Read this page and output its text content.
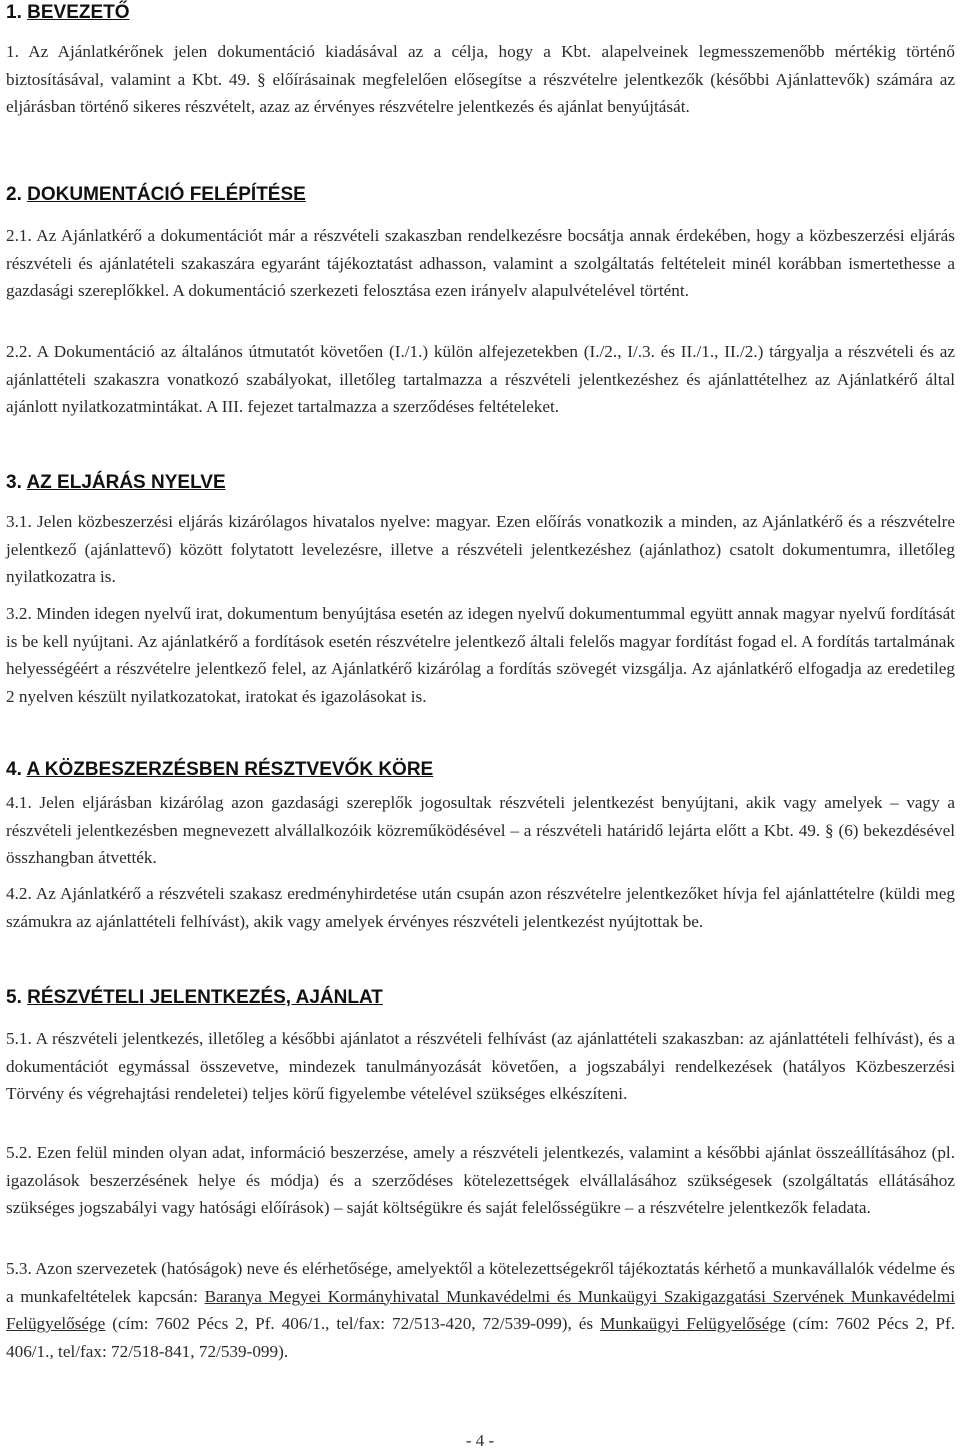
1. BEVEZETŐ

1. Az Ajánlatkérőnek jelen dokumentáció kiadásával az a célja, hogy a Kbt. alapelveinek legmesszemenőbb mértékig történő biztosításával, valamint a Kbt. 49. § előírásainak megfelelően elősegítse a részvételre jelentkezők (későbbi Ajánlattevők) számára az eljárásban történő sikeres részvételt, azaz az érvényes részvételre jelentkezés és ajánlat benyújtását.

2. DOKUMENTÁCIÓ FELÉPÍTÉSE

2.1. Az Ajánlatkérő a dokumentációt már a részvételi szakaszban rendelkezésre bocsátja annak érdekében, hogy a közbeszerzési eljárás részvételi és ajánlatételi szakaszára egyaránt tájékoztatást adhasson, valamint a szolgáltatás feltételeit minél korábban ismertethesse a gazdasági szereplőkkel. A dokumentáció szerkezeti felosztása ezen irányelv alapulvételével történt.

2.2. A Dokumentáció az általános útmutatót követően (I./1.) külön alfejezetekben (I./2., I/.3. és II./1., II./2.) tárgyalja a részvételi és az ajánlattételi szakaszra vonatkozó szabályokat, illetőleg tartalmazza a részvételi jelentkezéshez és ajánlattételhez az Ajánlatkérő által ajánlott nyilatkozatmintákat. A III. fejezet tartalmazza a szerződéses feltételeket.

3. AZ ELJÁRÁS NYELVE

3.1. Jelen közbeszerzési eljárás kizárólagos hivatalos nyelve: magyar. Ezen előírás vonatkozik a minden, az Ajánlatkérő és a részvételre jelentkező (ajánlattevő) között folytatott levelezésre, illetve a részvételi jelentkezéshez (ajánlathoz) csatolt dokumentumra, illetőleg nyilatkozatra is.

3.2. Minden idegen nyelvű irat, dokumentum benyújtása esetén az idegen nyelvű dokumentummal együtt annak magyar nyelvű fordítását is be kell nyújtani. Az ajánlatkérő a fordítások esetén részvételre jelentkező általi felelős magyar fordítást fogad el. A fordítás tartalmának helyességéért a részvételre jelentkező felel, az Ajánlatkérő kizárólag a fordítás szövegét vizsgálja. Az ajánlatkérő elfogadja az eredetileg 2 nyelven készült nyilatkozatokat, iratokat és igazolásokat is.

4. A KÖZBESZERZÉSBEN RÉSZTVEVŐK KÖRE

4.1. Jelen eljárásban kizárólag azon gazdasági szereplők jogosultak részvételi jelentkezést benyújtani, akik vagy amelyek – vagy a részvételi jelentkezésben megnevezett alvállalkozóik közreműködésével – a részvételi határidő lejárta előtt a Kbt. 49. § (6) bekezdésével összhangban átvették.

4.2. Az Ajánlatkérő a részvételi szakasz eredményhirdetése után csupán azon részvételre jelentkezőket hívja fel ajánlattételre (küldi meg számukra az ajánlattételi felhívást), akik vagy amelyek érvényes részvételi jelentkezést nyújtottak be.

5. RÉSZVÉTELI JELENTKEZÉS, AJÁNLAT

5.1. A részvételi jelentkezés, illetőleg a későbbi ajánlatot a részvételi felhívást (az ajánlattételi szakaszban: az ajánlattételi felhívást), és a dokumentációt egymással összevetve, mindezek tanulmányozását követően, a jogszabályi rendelkezések (hatályos Közbeszerzési Törvény és végrehajtási rendeletei) teljes körű figyelembe vételével szükséges elkészíteni.

5.2. Ezen felül minden olyan adat, információ beszerzése, amely a részvételi jelentkezés, valamint a későbbi ajánlat összeállításához (pl. igazolások beszerzésének helye és módja) és a szerződéses kötelezettségek elvállalásához szükségesek (szolgáltatás ellátásához szükséges jogszabályi vagy hatósági előírások) – saját költségükre és saját felelősségükre – a részvételre jelentkezők feladata.

5.3. Azon szervezetek (hatóságok) neve és elérhetősége, amelyektől a kötelezettségekről tájékoztatás kérhető a munkavállalók védelme és a munkafeltételek kapcsán: Baranya Megyei Kormányhivatal Munkavédelmi és Munkaügyi Szakigazgatási Szervének Munkavédelmi Felügyelősége (cím: 7602 Pécs 2, Pf. 406/1., tel/fax: 72/513-420, 72/539-099), és Munkaügyi Felügyelősége (cím: 7602 Pécs 2, Pf. 406/1., tel/fax: 72/518-841, 72/539-099).

- 4 -
